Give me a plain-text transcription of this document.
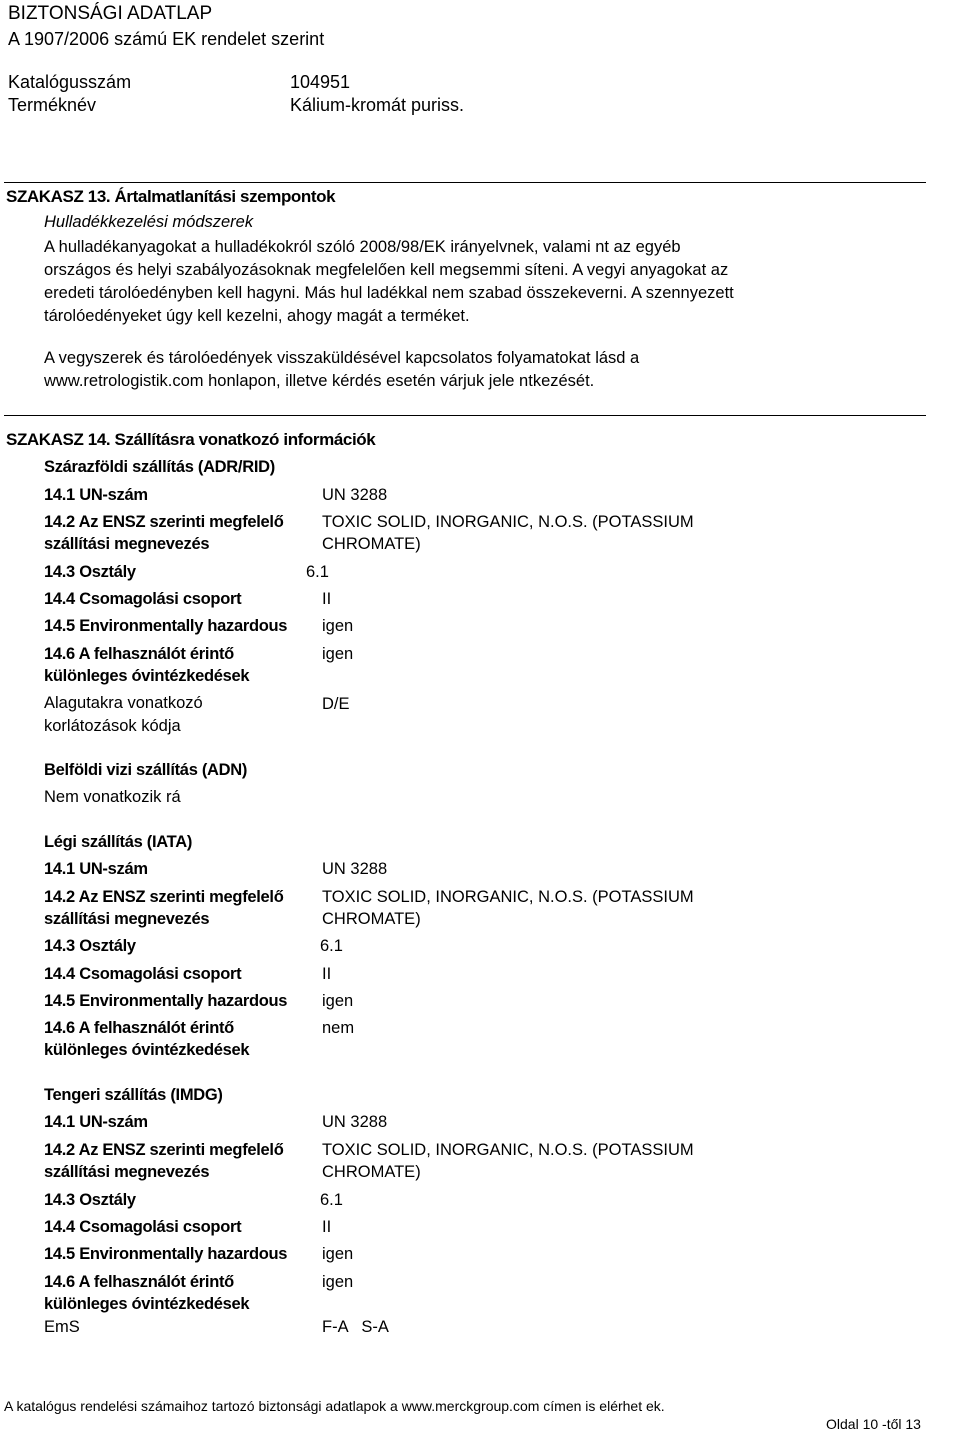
BIZTONSÁGI ADATLAP
A 1907/2006 számú EK rendelet szerint
Katalógusszám	104951
Terméknév	Kálium-kromát puriss.
SZAKASZ 13. Ártalmatlanítási szempontok
Hulladékkezelési módszerek
A hulladékanyagokat a hulladékokról szóló 2008/98/EK irányelvnek, valami nt az egyéb
országos és helyi szabályozásoknak megfelelően kell megsemmi síteni. A vegyi anyagokat az
eredeti tárolóedényben kell hagyni. Más hul ladékkal nem szabad összekeverni. A szennyezett
tárolóedényeket úgy kell kezelni, ahogy magát a terméket.
A vegyszerek és tárolóedények visszaküldésével kapcsolatos folyamatokat lásd a
www.retrologistik.com honlapon, illetve kérdés esetén várjuk jele ntkezését.
SZAKASZ 14. Szállításra vonatkozó információk
Szárazföldi szállítás (ADR/RID)
14.1 UN-szám	UN 3288
14.2 Az ENSZ szerinti megfelelő
szállítási megnevezés
TOXIC SOLID, INORGANIC, N.O.S. (POTASSIUM
CHROMATE)
14.3 Osztály	6.1
14.4 Csomagolási csoport	II
14.5 Environmentally hazardous igen
14.6 A felhasználót érintő
különleges óvintézkedések
igen
Alagutakra vonatkozó
korlátozások kódja
D/E
Belföldi vizi szállítás (ADN)
Nem vonatkozik rá
Légi szállítás (IATA)
14.1 UN-szám	UN 3288
14.2 Az ENSZ szerinti megfelelő
szállítási megnevezés
TOXIC SOLID, INORGANIC, N.O.S. (POTASSIUM
CHROMATE)
14.3 Osztály	6.1
14.4 Csomagolási csoport	II
14.5 Environmentally hazardous igen
14.6 A felhasználót érintő
különleges óvintézkedések
nem
Tengeri szállítás (IMDG)
14.1 UN-szám	UN 3288
14.2 Az ENSZ szerinti megfelelő
szállítási megnevezés
TOXIC SOLID, INORGANIC, N.O.S. (POTASSIUM
CHROMATE)
14.3 Osztály	6.1
14.4 Csomagolási csoport	II
14.5 Environmentally hazardous igen
14.6 A felhasználót érintő
különleges óvintézkedések
igen
EmS	F-A   S-A
A katalógus rendelési számaihoz tartozó biztonsági adatlapok a www.merckgroup.com címen is elérhet ek.
Oldal 10 -től 13
